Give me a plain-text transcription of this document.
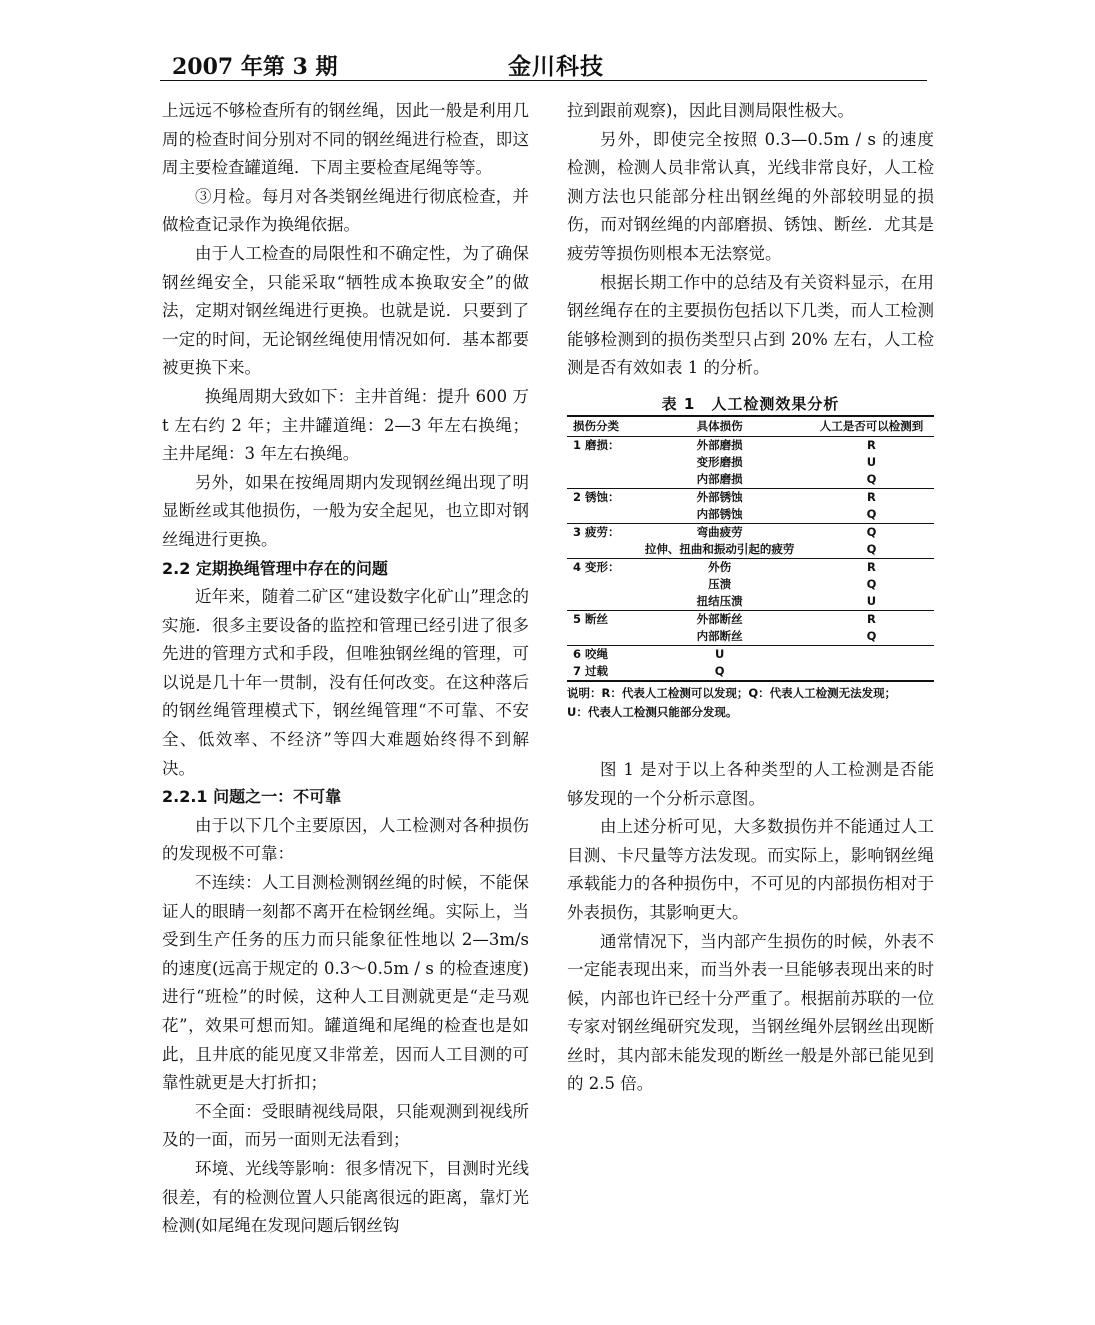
2007 年第 3 期	金川科技

上远远不够检查所有的钢丝绳，因此一般是利用几周的检查时间分别对不同的钢丝绳进行检查，即这周主要检查罐道绳．下周主要检查尾绳等等。

③月检。每月对各类钢丝绳进行彻底检查，并做检查记录作为换绳依据。

由于人工检查的局限性和不确定性，为了确保钢丝绳安全，只能采取“牺牲成本换取安全”的做法，定期对钢丝绳进行更换。也就是说．只要到了一定的时间，无论钢丝绳使用情况如何．基本都要被更换下来。

换绳周期大致如下：主井首绳：提升 600 万 t 左右约 2 年；主井罐道绳：2—3 年左右换绳；主井尾绳：3 年左右换绳。

另外，如果在按绳周期内发现钢丝绳出现了明显断丝或其他损伤，一般为安全起见，也立即对钢丝绳进行更换。

2.2 定期换绳管理中存在的问题

近年来，随着二矿区“建设数字化矿山”理念的实施．很多主要设备的监控和管理已经引进了很多先进的管理方式和手段，但唯独钢丝绳的管理，可以说是几十年一贯制，没有任何改变。在这种落后的钢丝绳管理模式下，钢丝绳管理“不可靠、不安全、低效率、不经济”等四大难题始终得不到解决。

2.2.1 问题之一：不可靠

由于以下几个主要原因，人工检测对各种损伤的发现极不可靠：

不连续：人工目测检测钢丝绳的时候，不能保证人的眼睛一刻都不离开在检钢丝绳。实际上，当受到生产任务的压力而只能象征性地以 2—3m/s 的速度(远高于规定的 0.3～0.5m / s 的检查速度)进行“班检”的时候，这种人工目测就更是“走马观花”，效果可想而知。罐道绳和尾绳的检查也是如此，且井底的能见度又非常差，因而人工目测的可靠性就更是大打折扣；

不全面：受眼睛视线局限，只能观测到视线所及的一面，而另一面则无法看到；

环境、光线等影响：很多情况下，目测时光线很差，有的检测位置人只能离很远的距离，靠灯光检测(如尾绳在发现问题后钢丝钩

拉到跟前观察)，因此目测局限性极大。

另外，即使完全按照 0.3—0.5m / s 的速度检测，检测人员非常认真，光线非常良好，人工检测方法也只能部分柱出钢丝绳的外部较明显的损伤，而对钢丝绳的内部磨损、锈蚀、断丝．尤其是疲劳等损伤则根本无法察觉。

根据长期工作中的总结及有关资料显示，在用钢丝绳存在的主要损伤包括以下几类，而人工检测能够检测到的损伤类型只占到 20% 左右，人工检测是否有效如表 1 的分析。

表 1　人工检测效果分析
损伤分类	具体损伤	人工是否可以检测到
1 磨损：	外部磨损	R
	变形磨损	U
	内部磨损	Q
2 锈蚀：	外部锈蚀	R
	内部锈蚀	Q
3 疲劳：	弯曲疲劳	Q
	拉伸、扭曲和振动引起的疲劳	Q
4 变形：	外伤	R
	压溃	Q
	扭结压溃	U
5 断丝	外部断丝	R
	内部断丝	Q
6 咬绳	U	
7 过载	Q	
说明：R：代表人工检测可以发现；Q：代表人工检测无法发现；
U：代表人工检测只能部分发现。

图 1 是对于以上各种类型的人工检测是否能够发现的一个分析示意图。

由上述分析可见，大多数损伤并不能通过人工目测、卡尺量等方法发现。而实际上，影响钢丝绳承载能力的各种损伤中，不可见的内部损伤相对于外表损伤，其影响更大。

通常情况下，当内部产生损伤的时候，外表不一定能表现出来，而当外表一旦能够表现出来的时候，内部也许已经十分严重了。根据前苏联的一位专家对钢丝绳研究发现，当钢丝绳外层钢丝出现断丝时，其内部未能发现的断丝一般是外部已能见到的 2.5 倍。
